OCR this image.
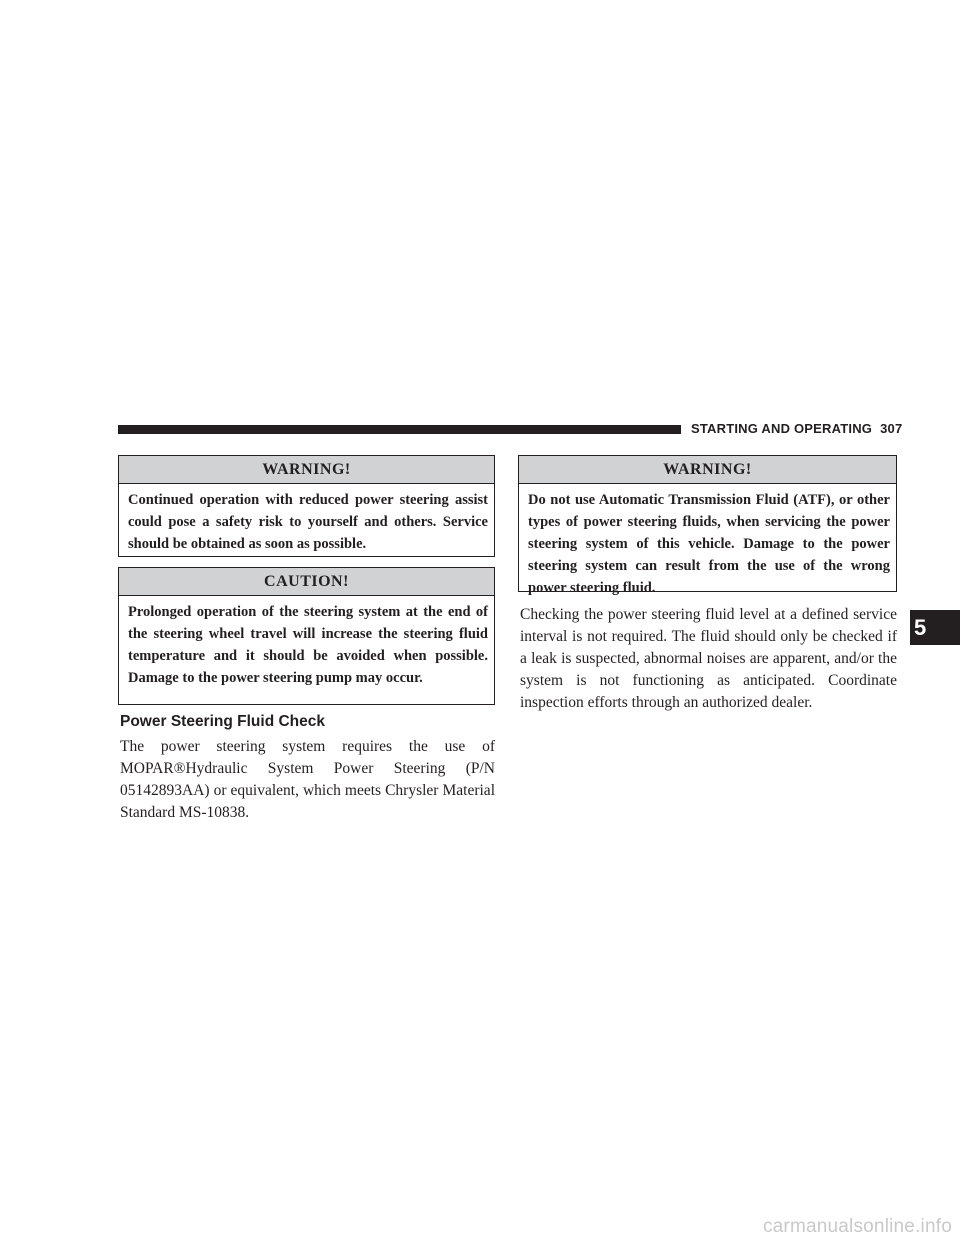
STARTING AND OPERATING 307
WARNING!
Continued operation with reduced power steering assist could pose a safety risk to yourself and others. Service should be obtained as soon as possible.
CAUTION!
Prolonged operation of the steering system at the end of the steering wheel travel will increase the steering fluid temperature and it should be avoided when possible. Damage to the power steering pump may occur.
Power Steering Fluid Check
The power steering system requires the use of MOPAR®Hydraulic System Power Steering (P/N 05142893AA) or equivalent, which meets Chrysler Material Standard MS-10838.
WARNING!
Do not use Automatic Transmission Fluid (ATF), or other types of power steering fluids, when servicing the power steering system of this vehicle. Damage to the power steering system can result from the use of the wrong power steering fluid.
Checking the power steering fluid level at a defined service interval is not required. The fluid should only be checked if a leak is suspected, abnormal noises are apparent, and/or the system is not functioning as anticipated. Coordinate inspection efforts through an authorized dealer.
5
carmanualsonline.info
